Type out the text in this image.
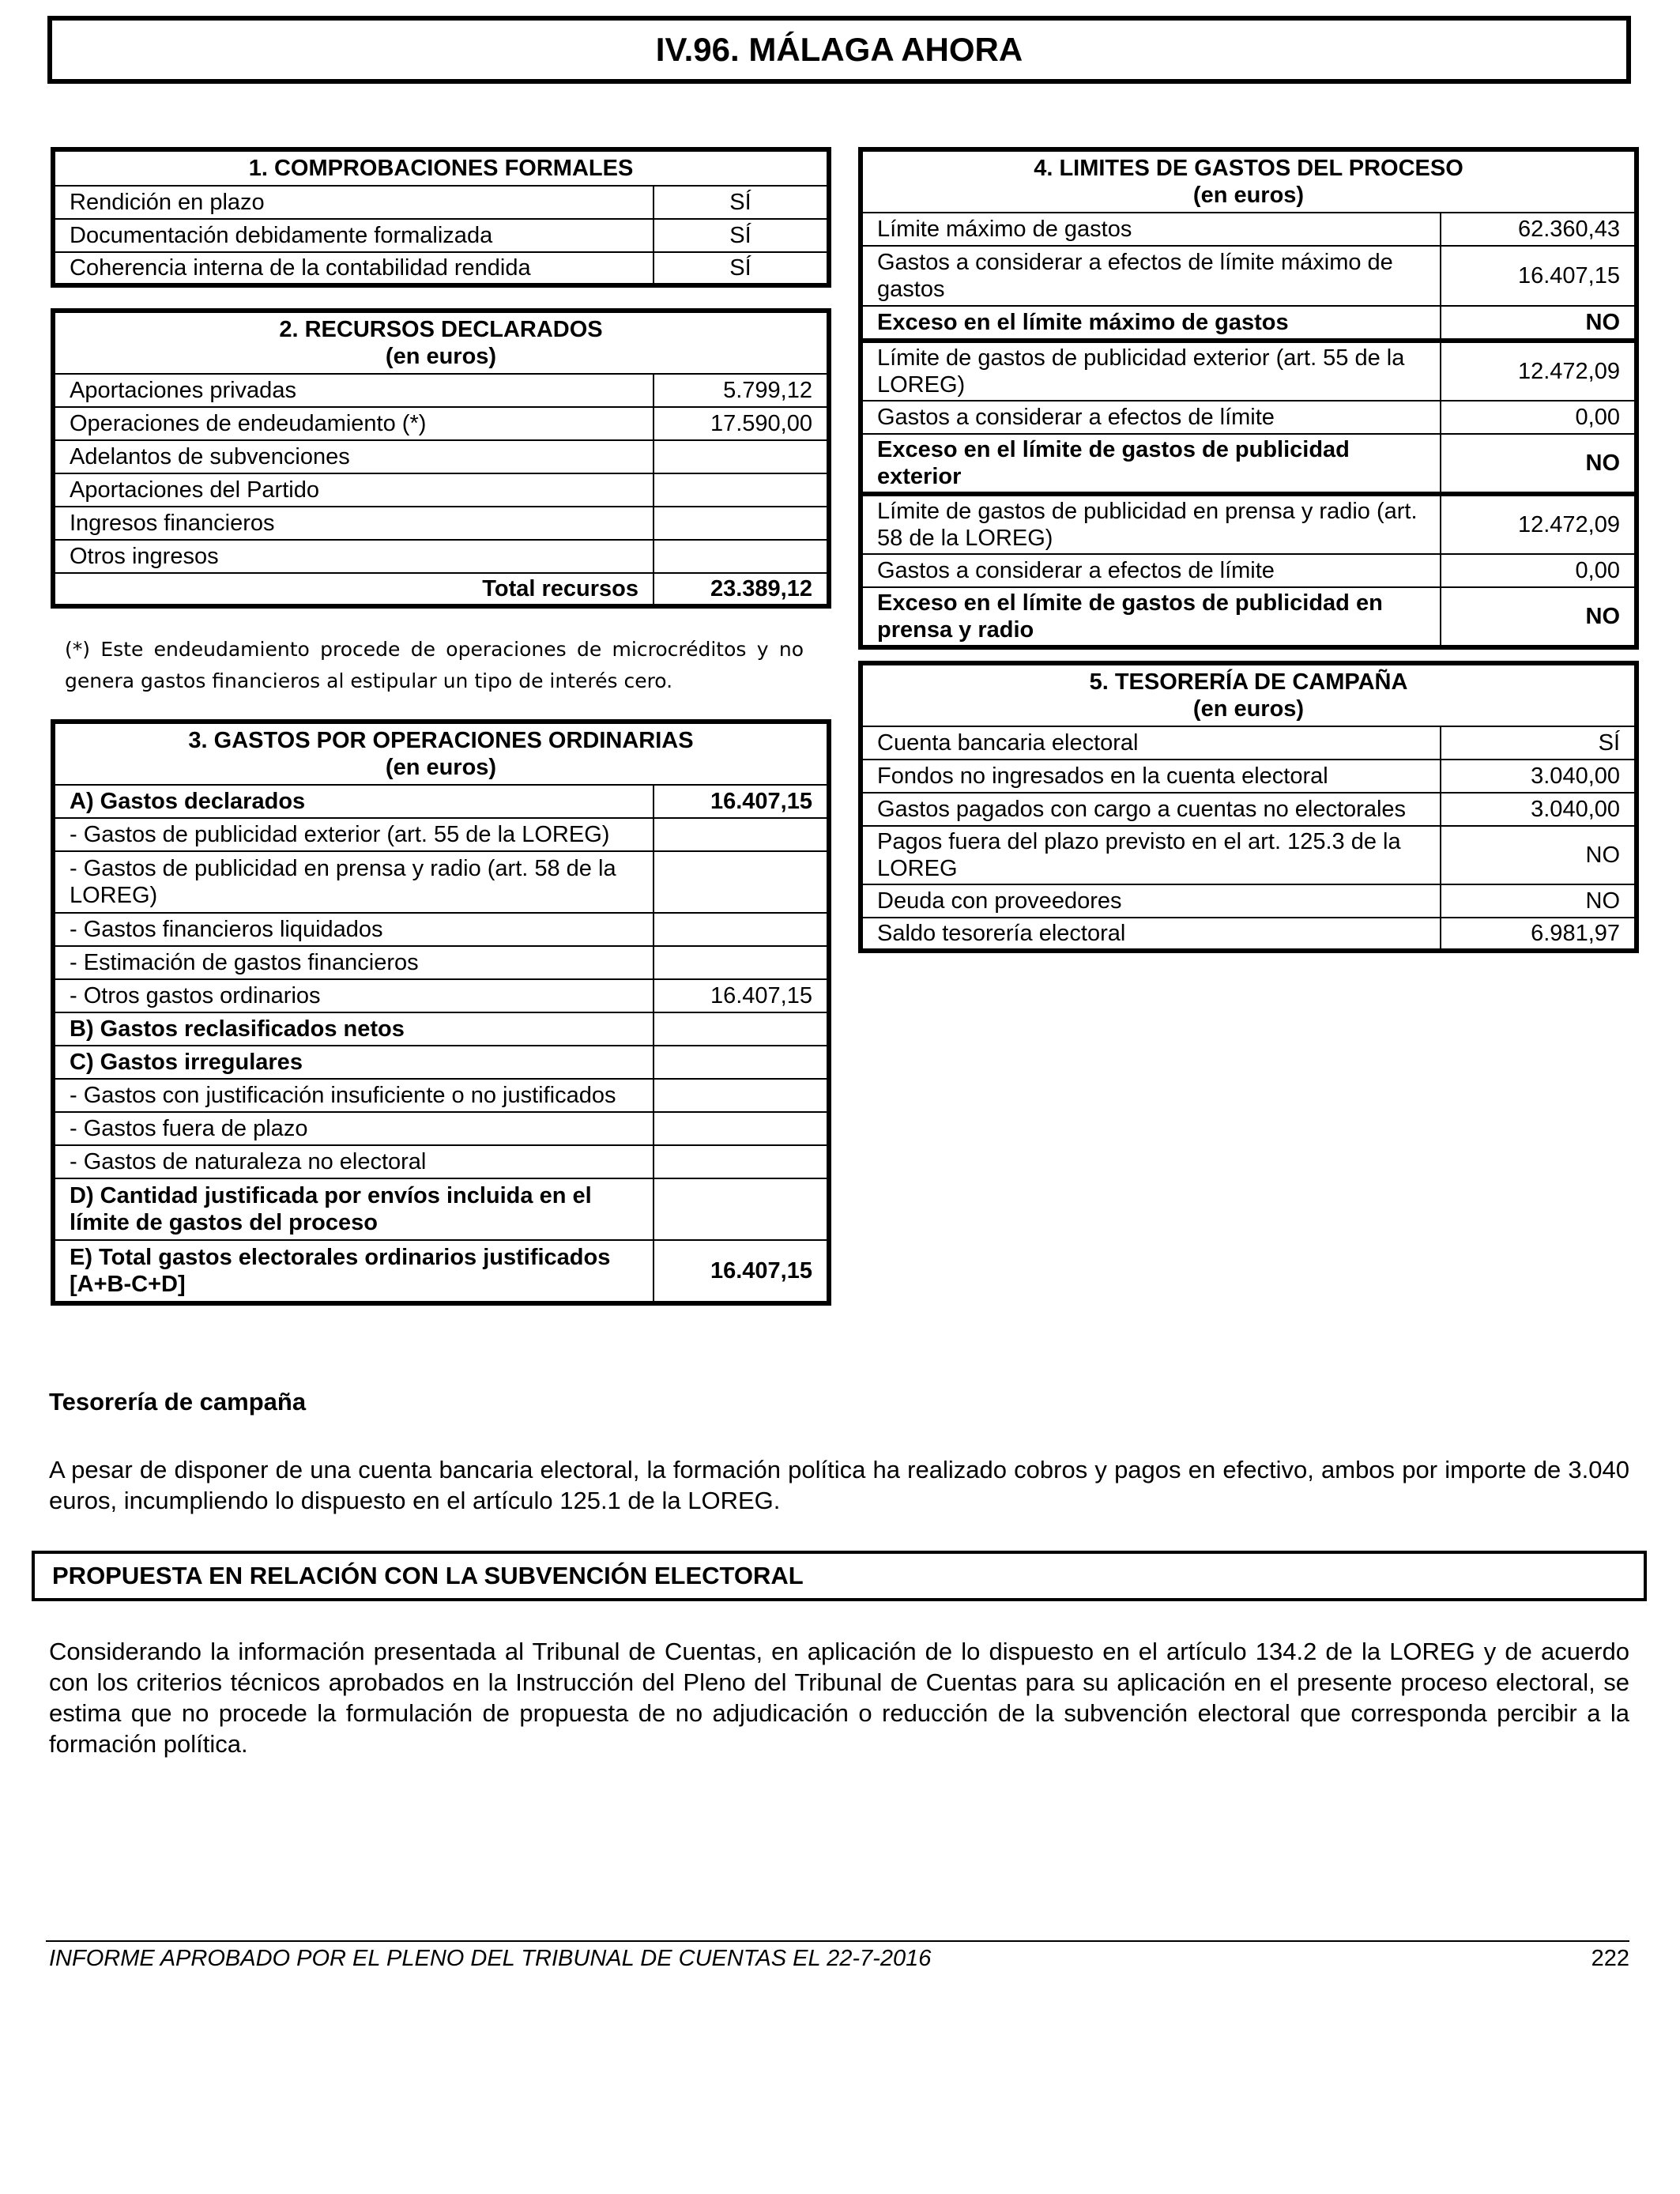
IV.96. MÁLAGA AHORA
1. COMPROBACIONES FORMALES	
Rendición en plazo	SÍ
Documentación debidamente formalizada	SÍ
Coherencia interna de la contabilidad rendida	SÍ
2. RECURSOS DECLARADOS
(en euros)	
Aportaciones privadas	5.799,12
Operaciones de endeudamiento (*)	17.590,00
Adelantos de subvenciones	
Aportaciones del Partido	
Ingresos financieros	
Otros ingresos	
Total recursos	23.389,12
(*) Este endeudamiento procede de operaciones de microcréditos y no genera gastos financieros al estipular un tipo de interés cero.
3. GASTOS POR OPERACIONES ORDINARIAS
(en euros)	
A) Gastos declarados	16.407,15
- Gastos de publicidad exterior (art. 55 de la LOREG)	
- Gastos de publicidad en prensa y radio (art. 58 de la LOREG)	
- Gastos financieros liquidados	
- Estimación de gastos financieros	
- Otros gastos ordinarios	16.407,15
B) Gastos reclasificados netos	
C) Gastos irregulares	
- Gastos con justificación insuficiente o no justificados	
- Gastos fuera de plazo	
- Gastos de naturaleza no electoral	
D) Cantidad justificada por envíos incluida en el límite de gastos del proceso	
E) Total gastos electorales ordinarios justificados [A+B-C+D]	16.407,15
4. LIMITES DE GASTOS DEL PROCESO
(en euros)	
Límite máximo de gastos	62.360,43
Gastos a considerar a efectos de límite máximo de gastos	16.407,15
Exceso en el límite máximo de gastos	NO
Límite de gastos de publicidad exterior (art. 55 de la LOREG)	12.472,09
Gastos a considerar a efectos de límite	0,00
Exceso en el límite de gastos de publicidad exterior	NO
Límite de gastos de publicidad en prensa y radio (art. 58 de la LOREG)	12.472,09
Gastos a considerar a efectos de límite	0,00
Exceso en el límite de gastos de publicidad en prensa y radio	NO
5. TESORERÍA DE CAMPAÑA
(en euros)	
Cuenta bancaria electoral	SÍ
Fondos no ingresados en la cuenta electoral	3.040,00
Gastos pagados con cargo a cuentas no electorales	3.040,00
Pagos fuera del plazo previsto en el art. 125.3 de la LOREG	NO
Deuda con proveedores	NO
Saldo tesorería electoral	6.981,97
Tesorería de campaña
A pesar de disponer de una cuenta bancaria electoral, la formación política ha realizado cobros y pagos en efectivo, ambos por importe de 3.040 euros, incumpliendo lo dispuesto en el artículo 125.1 de la LOREG.
PROPUESTA EN RELACIÓN CON LA SUBVENCIÓN ELECTORAL
Considerando la información presentada al Tribunal de Cuentas, en aplicación de lo dispuesto en el artículo 134.2 de la LOREG y de acuerdo con los criterios técnicos aprobados en la Instrucción del Pleno del Tribunal de Cuentas para su aplicación en el presente proceso electoral, se estima que no procede la formulación de propuesta de no adjudicación o reducción de la subvención electoral que corresponda percibir a la formación política.
INFORME APROBADO POR EL PLENO DEL TRIBUNAL DE CUENTAS EL 22-7-2016	222
